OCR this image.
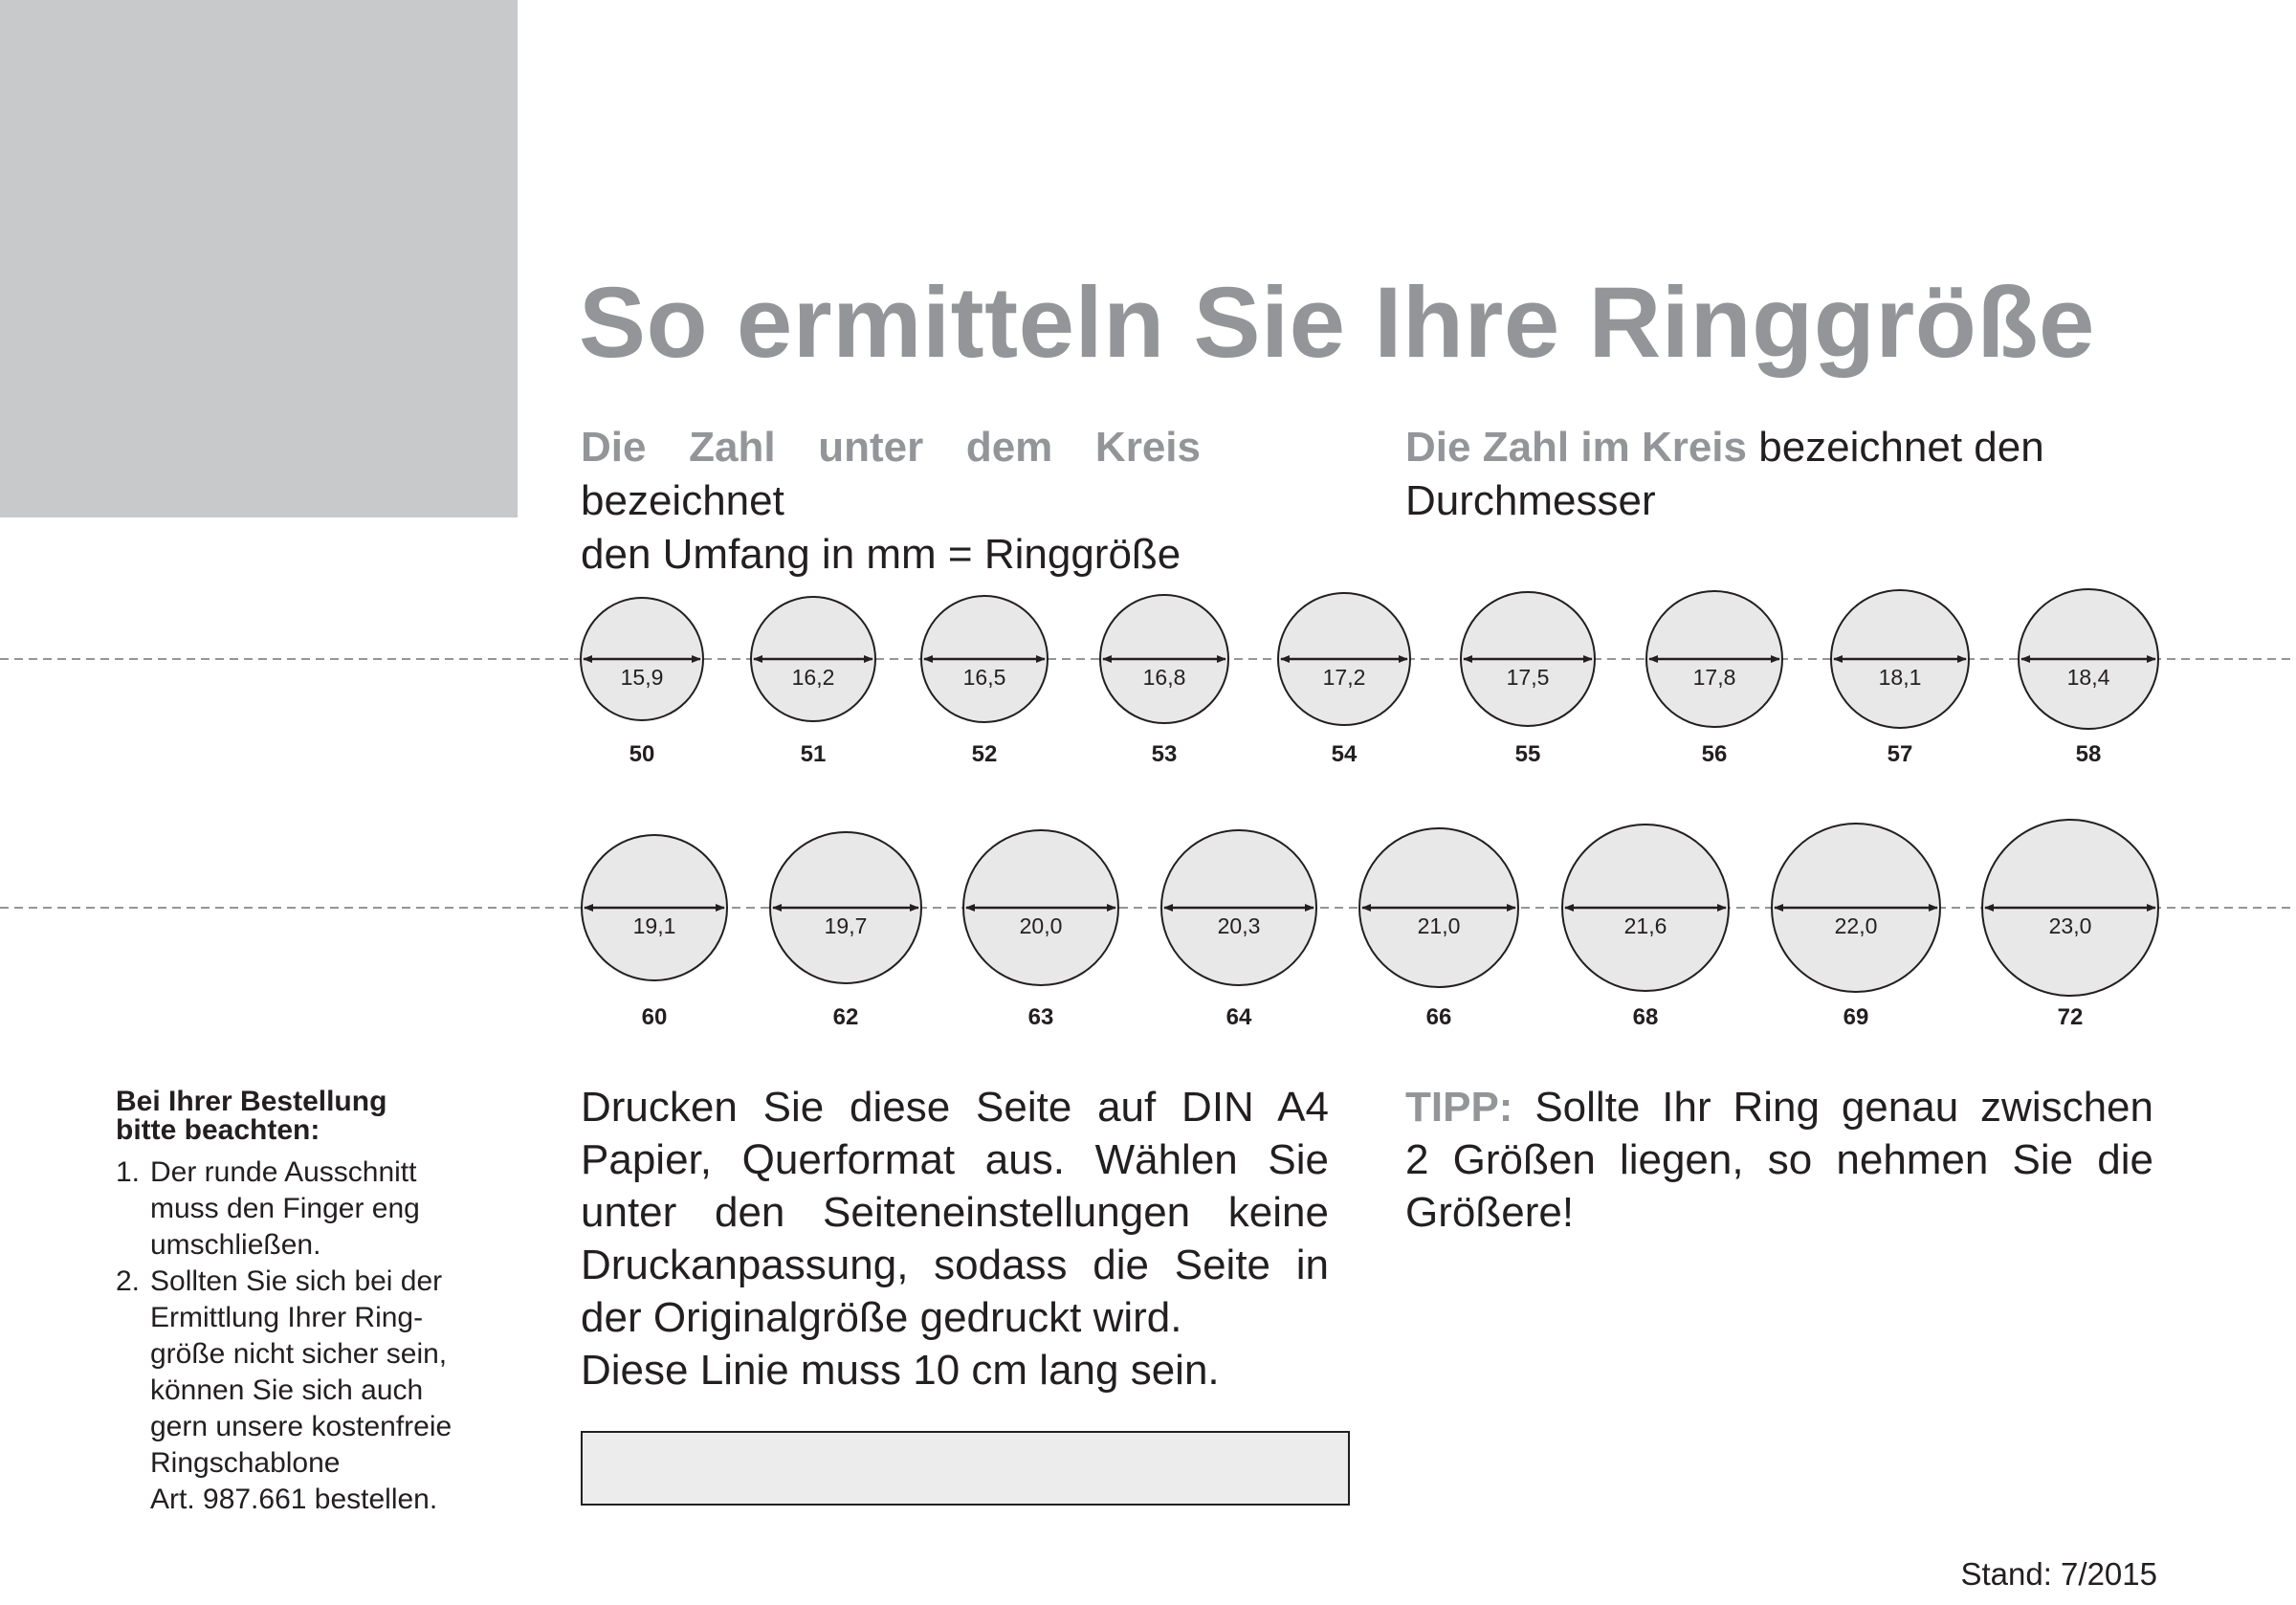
So ermitteln Sie Ihre Ringgröße

Die Zahl unter dem Kreis bezeichnet
den Umfang in mm = Ringgröße

Die Zahl im Kreis bezeichnet den
Durchmesser

15,9
50
16,2
51
16,5
52
16,8
53
17,2
54
17,5
55
17,8
56
18,1
57
18,4
58
19,1
60
19,7
62
20,0
63
20,3
64
21,0
66
21,6
68
22,0
69
23,0
72
Bei Ihrer Bestellung
bitte beachten:
1. Der runde Ausschnitt
muss den Finger eng
umschließen.
2. Sollten Sie sich bei der
Ermittlung Ihrer Ring-
größe nicht sicher sein,
können Sie sich auch
gern unsere kostenfreie
Ringschablone
Art. 987.661 bestellen.

Drucken Sie diese Seite auf DIN A4
Papier, Querformat aus. Wählen Sie
unter den Seiteneinstellungen keine
Druckanpassung, sodass die Seite in
der Originalgröße gedruckt wird.
Diese Linie muss 10 cm lang sein.

TIPP: Sollte Ihr Ring genau zwischen
2 Größen liegen, so nehmen Sie die
Größere!

Stand: 7/2015
